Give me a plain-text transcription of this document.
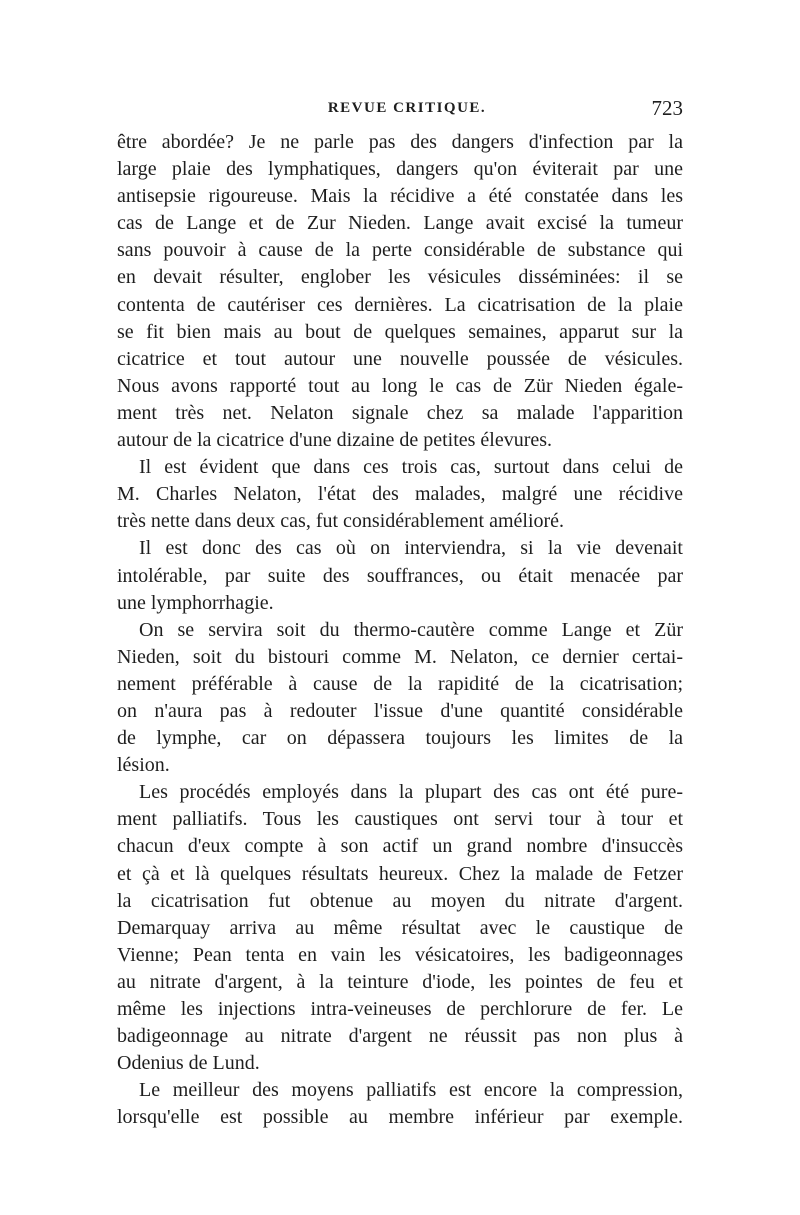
REVUE CRITIQUE.	723
être abordée? Je ne parle pas des dangers d'infection par la
large plaie des lymphatiques, dangers qu'on éviterait par une
antisepsie rigoureuse. Mais la récidive a été constatée dans les
cas de Lange et de Zur Nieden. Lange avait excisé la tumeur
sans pouvoir à cause de la perte considérable de substance qui
en devait résulter, englober les vésicules disséminées: il se
contenta de cautériser ces dernières. La cicatrisation de la plaie
se fit bien mais au bout de quelques semaines, apparut sur la
cicatrice et tout autour une nouvelle poussée de vésicules.
Nous avons rapporté tout au long le cas de Zür Nieden égale-
ment très net. Nelaton signale chez sa malade l'apparition
autour de la cicatrice d'une dizaine de petites élevures.
Il est évident que dans ces trois cas, surtout dans celui de
M. Charles Nelaton, l'état des malades, malgré une récidive
très nette dans deux cas, fut considérablement amélioré.
Il est donc des cas où on interviendra, si la vie devenait
intolérable, par suite des souffrances, ou était menacée par
une lymphorrhagie.
On se servira soit du thermo-cautère comme Lange et Zür
Nieden, soit du bistouri comme M. Nelaton, ce dernier certai-
nement préférable à cause de la rapidité de la cicatrisation;
on n'aura pas à redouter l'issue d'une quantité considérable
de lymphe, car on dépassera toujours les limites de la
lésion.
Les procédés employés dans la plupart des cas ont été pure-
ment palliatifs. Tous les caustiques ont servi tour à tour et
chacun d'eux compte à son actif un grand nombre d'insuccès
et çà et là quelques résultats heureux. Chez la malade de Fetzer
la cicatrisation fut obtenue au moyen du nitrate d'argent.
Demarquay arriva au même résultat avec le caustique de
Vienne; Pean tenta en vain les vésicatoires, les badigeonnages
au nitrate d'argent, à la teinture d'iode, les pointes de feu et
même les injections intra-veineuses de perchlorure de fer. Le
badigeonnage au nitrate d'argent ne réussit pas non plus à
Odenius de Lund.
Le meilleur des moyens palliatifs est encore la compression,
lorsqu'elle est possible au membre inférieur par exemple.
